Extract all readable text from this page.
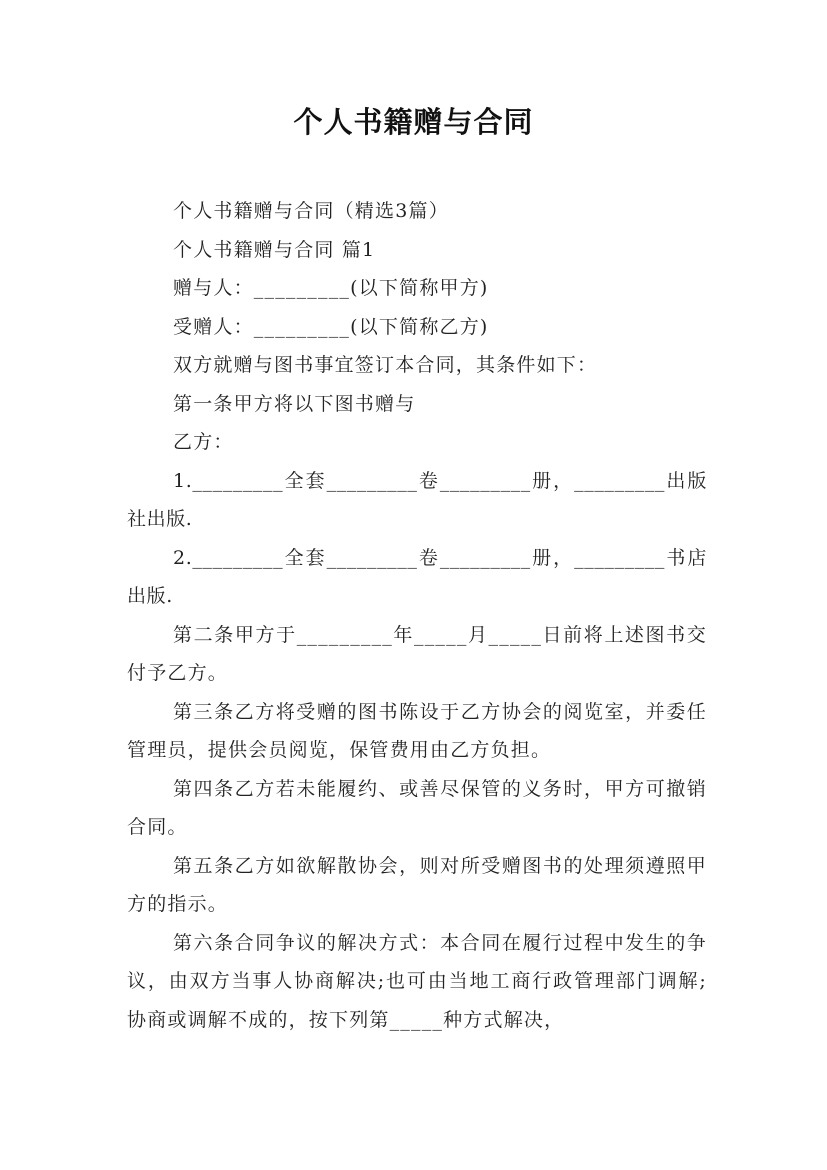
个人书籍赠与合同

个人书籍赠与合同（精选3篇）

个人书籍赠与合同 篇1

赠与人：_________(以下简称甲方)

受赠人：_________(以下简称乙方)

双方就赠与图书事宜签订本合同，其条件如下：

第一条甲方将以下图书赠与

乙方：

1._________全套_________卷_________册，_________出版社出版.

2._________全套_________卷_________册，_________书店出版.

第二条甲方于_________年_____月_____日前将上述图书交付予乙方。

第三条乙方将受赠的图书陈设于乙方协会的阅览室，并委任管理员，提供会员阅览，保管费用由乙方负担。

第四条乙方若未能履约、或善尽保管的义务时，甲方可撤销合同。

第五条乙方如欲解散协会，则对所受赠图书的处理须遵照甲方的指示。

第六条合同争议的解决方式：本合同在履行过程中发生的争议，由双方当事人协商解决;也可由当地工商行政管理部门调解;协商或调解不成的，按下列第_____种方式解决，
